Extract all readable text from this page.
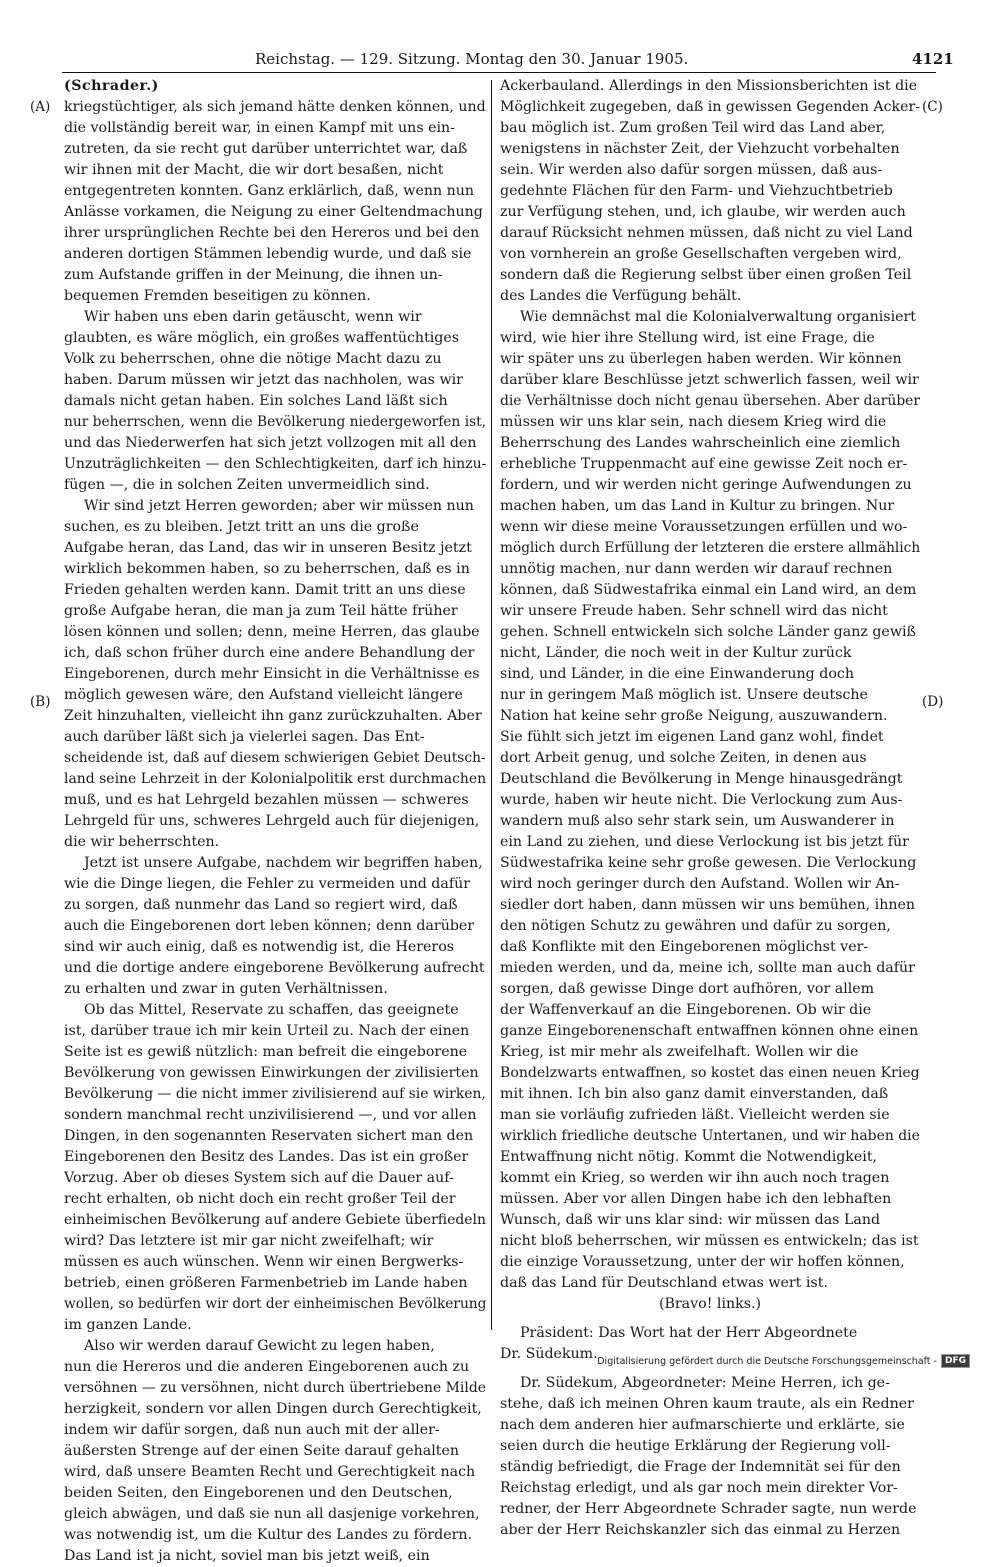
Reichstag. — 129. Sitzung. Montag den 30. Januar 1905.	4121
(A)
(B)
(C)
(D)
(Schrader.)
kriegstüchtiger, als sich jemand hätte denken können, und
die vollständig bereit war, in einen Kampf mit uns ein-
zutreten, da sie recht gut darüber unterrichtet war, daß
wir ihnen mit der Macht, die wir dort besaßen, nicht
entgegentreten konnten. Ganz erklärlich, daß, wenn nun
Anlässe vorkamen, die Neigung zu einer Geltendmachung
ihrer ursprünglichen Rechte bei den Hereros und bei den
anderen dortigen Stämmen lebendig wurde, und daß sie
zum Aufstande griffen in der Meinung, die ihnen un-
bequemen Fremden beseitigen zu können.
Wir haben uns eben darin getäuscht, wenn wir
glaubten, es wäre möglich, ein großes waffentüchtiges
Volk zu beherrschen, ohne die nötige Macht dazu zu
haben. Darum müssen wir jetzt das nachholen, was wir
damals nicht getan haben. Ein solches Land läßt sich
nur beherrschen, wenn die Bevölkerung niedergeworfen ist,
und das Niederwerfen hat sich jetzt vollzogen mit all den
Unzuträglichkeiten — den Schlechtigkeiten, darf ich hinzu-
fügen —, die in solchen Zeiten unvermeidlich sind.
Wir sind jetzt Herren geworden; aber wir müssen nun
suchen, es zu bleiben. Jetzt tritt an uns die große
Aufgabe heran, das Land, das wir in unseren Besitz jetzt
wirklich bekommen haben, so zu beherrschen, daß es in
Frieden gehalten werden kann. Damit tritt an uns diese
große Aufgabe heran, die man ja zum Teil hätte früher
lösen können und sollen; denn, meine Herren, das glaube
ich, daß schon früher durch eine andere Behandlung der
Eingeborenen, durch mehr Einsicht in die Verhältnisse es
möglich gewesen wäre, den Aufstand vielleicht längere
Zeit hinzuhalten, vielleicht ihn ganz zurückzuhalten. Aber
auch darüber läßt sich ja vielerlei sagen. Das Ent-
scheidende ist, daß auf diesem schwierigen Gebiet Deutsch-
land seine Lehrzeit in der Kolonialpolitik erst durchmachen
muß, und es hat Lehrgeld bezahlen müssen — schweres
Lehrgeld für uns, schweres Lehrgeld auch für diejenigen,
die wir beherrschten.
Jetzt ist unsere Aufgabe, nachdem wir begriffen haben,
wie die Dinge liegen, die Fehler zu vermeiden und dafür
zu sorgen, daß nunmehr das Land so regiert wird, daß
auch die Eingeborenen dort leben können; denn darüber
sind wir auch einig, daß es notwendig ist, die Hereros
und die dortige andere eingeborene Bevölkerung aufrecht
zu erhalten und zwar in guten Verhältnissen.
Ob das Mittel, Reservate zu schaffen, das geeignete
ist, darüber traue ich mir kein Urteil zu. Nach der einen
Seite ist es gewiß nützlich: man befreit die eingeborene
Bevölkerung von gewissen Einwirkungen der zivilisierten
Bevölkerung — die nicht immer zivilisierend auf sie wirken,
sondern manchmal recht unzivilisierend —, und vor allen
Dingen, in den sogenannten Reservaten sichert man den
Eingeborenen den Besitz des Landes. Das ist ein großer
Vorzug. Aber ob dieses System sich auf die Dauer auf-
recht erhalten, ob nicht doch ein recht großer Teil der
einheimischen Bevölkerung auf andere Gebiete überfiedeln
wird? Das letztere ist mir gar nicht zweifelhaft; wir
müssen es auch wünschen. Wenn wir einen Bergwerks-
betrieb, einen größeren Farmenbetrieb im Lande haben
wollen, so bedürfen wir dort der einheimischen Bevölkerung
im ganzen Lande.
Also wir werden darauf Gewicht zu legen haben,
nun die Hereros und die anderen Eingeborenen auch zu
versöhnen — zu versöhnen, nicht durch übertriebene Milde
herzigkeit, sondern vor allen Dingen durch Gerechtigkeit,
indem wir dafür sorgen, daß nun auch mit der aller-
äußersten Strenge auf der einen Seite darauf gehalten
wird, daß unsere Beamten Recht und Gerechtigkeit nach
beiden Seiten, den Eingeborenen und den Deutschen,
gleich abwägen, und daß sie nun all dasjenige vorkehren,
was notwendig ist, um die Kultur des Landes zu fördern.
Das Land ist ja nicht, soviel man bis jetzt weiß, ein
Ackerbauland. Allerdings in den Missionsberichten ist die
Möglichkeit zugegeben, daß in gewissen Gegenden Acker-
bau möglich ist. Zum großen Teil wird das Land aber,
wenigstens in nächster Zeit, der Viehzucht vorbehalten
sein. Wir werden also dafür sorgen müssen, daß aus-
gedehnte Flächen für den Farm- und Viehzuchtbetrieb
zur Verfügung stehen, und, ich glaube, wir werden auch
darauf Rücksicht nehmen müssen, daß nicht zu viel Land
von vornherein an große Gesellschaften vergeben wird,
sondern daß die Regierung selbst über einen großen Teil
des Landes die Verfügung behält.
Wie demnächst mal die Kolonialverwaltung organisiert
wird, wie hier ihre Stellung wird, ist eine Frage, die
wir später uns zu überlegen haben werden. Wir können
darüber klare Beschlüsse jetzt schwerlich fassen, weil wir
die Verhältnisse doch nicht genau übersehen. Aber darüber
müssen wir uns klar sein, nach diesem Krieg wird die
Beherrschung des Landes wahrscheinlich eine ziemlich
erhebliche Truppenmacht auf eine gewisse Zeit noch er-
fordern, und wir werden nicht geringe Aufwendungen zu
machen haben, um das Land in Kultur zu bringen. Nur
wenn wir diese meine Voraussetzungen erfüllen und wo-
möglich durch Erfüllung der letzteren die erstere allmählich
unnötig machen, nur dann werden wir darauf rechnen
können, daß Südwestafrika einmal ein Land wird, an dem
wir unsere Freude haben. Sehr schnell wird das nicht
gehen. Schnell entwickeln sich solche Länder ganz gewiß
nicht, Länder, die noch weit in der Kultur zurück
sind, und Länder, in die eine Einwanderung doch
nur in geringem Maß möglich ist. Unsere deutsche
Nation hat keine sehr große Neigung, auszuwandern.
Sie fühlt sich jetzt im eigenen Land ganz wohl, findet
dort Arbeit genug, und solche Zeiten, in denen aus
Deutschland die Bevölkerung in Menge hinausgedrängt
wurde, haben wir heute nicht. Die Verlockung zum Aus-
wandern muß also sehr stark sein, um Auswanderer in
ein Land zu ziehen, und diese Verlockung ist bis jetzt für
Südwestafrika keine sehr große gewesen. Die Verlockung
wird noch geringer durch den Aufstand. Wollen wir An-
siedler dort haben, dann müssen wir uns bemühen, ihnen
den nötigen Schutz zu gewähren und dafür zu sorgen,
daß Konflikte mit den Eingeborenen möglichst ver-
mieden werden, und da, meine ich, sollte man auch dafür
sorgen, daß gewisse Dinge dort aufhören, vor allem
der Waffenverkauf an die Eingeborenen. Ob wir die
ganze Eingeborenenschaft entwaffnen können ohne einen
Krieg, ist mir mehr als zweifelhaft. Wollen wir die
Bondelzwarts entwaffnen, so kostet das einen neuen Krieg
mit ihnen. Ich bin also ganz damit einverstanden, daß
man sie vorläufig zufrieden läßt. Vielleicht werden sie
wirklich friedliche deutsche Untertanen, und wir haben die
Entwaffnung nicht nötig. Kommt die Notwendigkeit,
kommt ein Krieg, so werden wir ihn auch noch tragen
müssen. Aber vor allen Dingen habe ich den lebhaften
Wunsch, daß wir uns klar sind: wir müssen das Land
nicht bloß beherrschen, wir müssen es entwickeln; das ist
die einzige Voraussetzung, unter der wir hoffen können,
daß das Land für Deutschland etwas wert ist.
(Bravo! links.)
Präsident: Das Wort hat der Herr Abgeordnete
Dr. Südekum.
Dr. Südekum, Abgeordneter: Meine Herren, ich ge-
stehe, daß ich meinen Ohren kaum traute, als ein Redner
nach dem anderen hier aufmarschierte und erklärte, sie
seien durch die heutige Erklärung der Regierung voll-
ständig befriedigt, die Frage der Indemnität sei für den
Reichstag erledigt, und als gar noch mein direkter Vor-
redner, der Herr Abgeordnete Schrader sagte, nun werde
aber der Herr Reichskanzler sich das einmal zu Herzen
Digitalisierung gefördert durch die Deutsche Forschungsgemeinschaft - DFG
